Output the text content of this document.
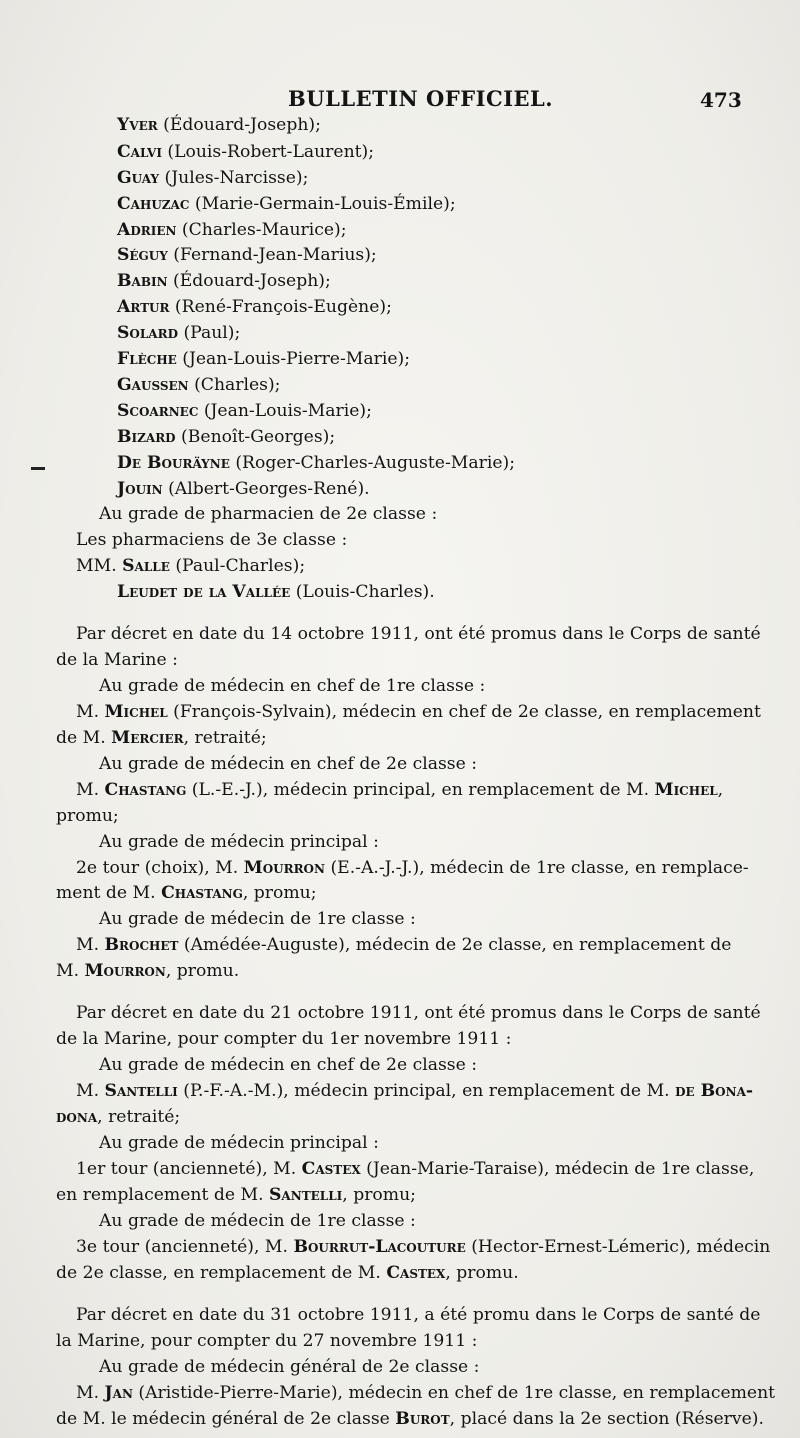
BULLETIN OFFICIEL.	473
Yver (Édouard-Joseph);
Calvi (Louis-Robert-Laurent);
Guay (Jules-Narcisse);
Cahuzac (Marie-Germain-Louis-Émile);
Adrien (Charles-Maurice);
Séguy (Fernand-Jean-Marius);
Babin (Édouard-Joseph);
Artur (René-François-Eugène);
Solard (Paul);
Flèche (Jean-Louis-Pierre-Marie);
Gaussen (Charles);
Scoarnec (Jean-Louis-Marie);
Bizard (Benoît-Georges);
De Bouräyne (Roger-Charles-Auguste-Marie);
Jouin (Albert-Georges-René).
Au grade de pharmacien de 2e classe :
Les pharmaciens de 3e classe :
MM. Salle (Paul-Charles);
Leudet de la Vallée (Louis-Charles).
Par décret en date du 14 octobre 1911, ont été promus dans le Corps de santé
de la Marine :
Au grade de médecin en chef de 1re classe :
M. Michel (François-Sylvain), médecin en chef de 2e classe, en remplacement
de M. Mercier, retraité;
Au grade de médecin en chef de 2e classe :
M. Chastang (L.-E.-J.), médecin principal, en remplacement de M. Michel,
promu;
Au grade de médecin principal :
2e tour (choix), M. Mourron (E.-A.-J.-J.), médecin de 1re classe, en remplace-
ment de M. Chastang, promu;
Au grade de médecin de 1re classe :
M. Brochet (Amédée-Auguste), médecin de 2e classe, en remplacement de
M. Mourron, promu.
Par décret en date du 21 octobre 1911, ont été promus dans le Corps de santé
de la Marine, pour compter du 1er novembre 1911 :
Au grade de médecin en chef de 2e classe :
M. Santelli (P.-F.-A.-M.), médecin principal, en remplacement de M. de Bona-
dona, retraité;
Au grade de médecin principal :
1er tour (ancienneté), M. Castex (Jean-Marie-Taraise), médecin de 1re classe,
en remplacement de M. Santelli, promu;
Au grade de médecin de 1re classe :
3e tour (ancienneté), M. Bourrut-Lacouture (Hector-Ernest-Lémeric), médecin
de 2e classe, en remplacement de M. Castex, promu.
Par décret en date du 31 octobre 1911, a été promu dans le Corps de santé de
la Marine, pour compter du 27 novembre 1911 :
Au grade de médecin général de 2e classe :
M. Jan (Aristide-Pierre-Marie), médecin en chef de 1re classe, en remplacement
de M. le médecin général de 2e classe Burot, placé dans la 2e section (Réserve).
